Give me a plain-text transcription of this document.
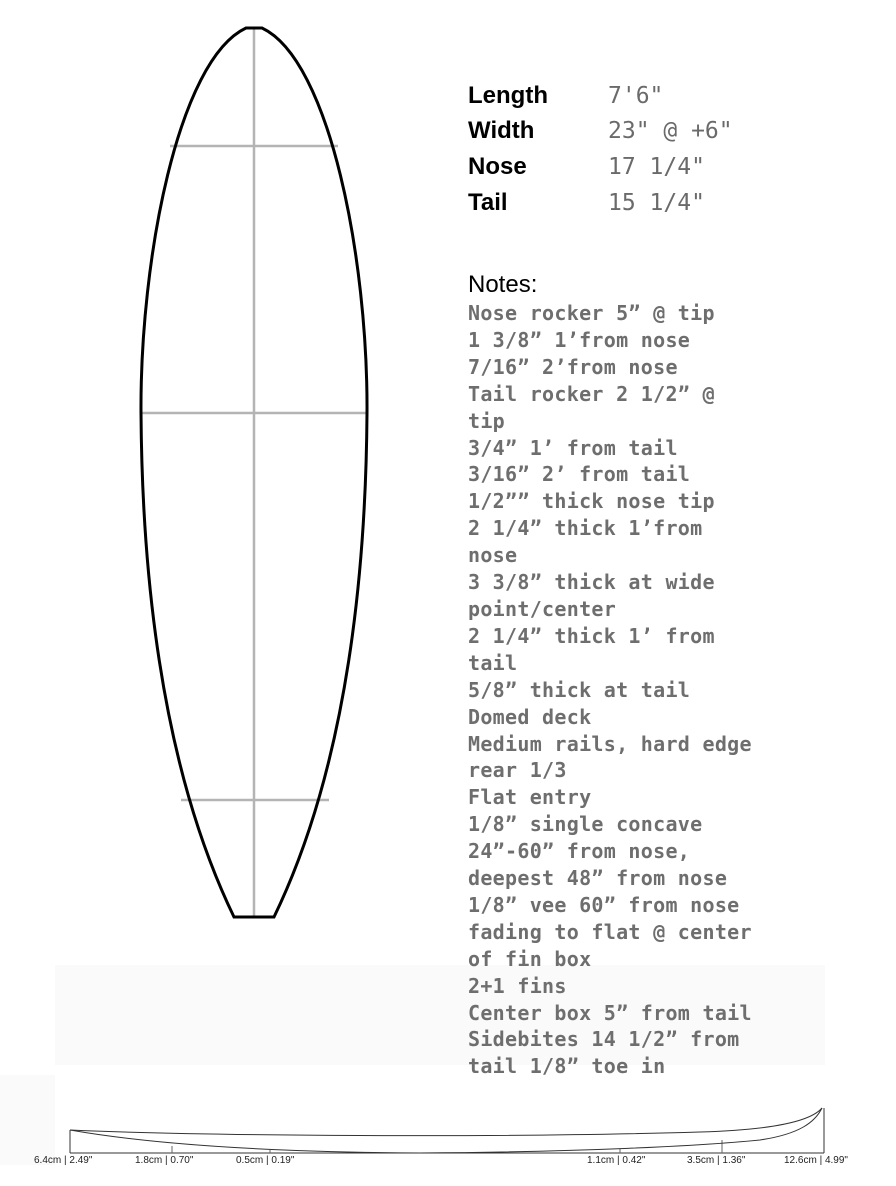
Length	7'6"
Width	23" @ +6"
Nose	17 1/4"
Tail	15 1/4"
Notes:
Nose rocker 5” @ tip
1 3/8” 1’from nose
7/16” 2’from nose
Tail rocker 2 1/2” @
tip
3/4” 1’ from tail
3/16” 2’ from tail
1/2”” thick nose tip
2 1/4” thick 1’from
nose
3 3/8” thick at wide
point/center
2 1/4” thick 1’ from
tail
5/8” thick at tail
Domed deck
Medium rails, hard edge
rear 1/3
Flat entry
1/8” single concave
24”-60” from nose,
deepest 48” from nose
1/8” vee 60” from nose
fading to flat @ center
of fin box
2+1 fins
Center box 5” from tail
Sidebites 14 1/2” from
tail 1/8” toe in
6.4cm | 2.49"	1.8cm | 0.70"	0.5cm | 0.19"	1.1cm | 0.42"	3.5cm | 1.36"	12.6cm | 4.99"
